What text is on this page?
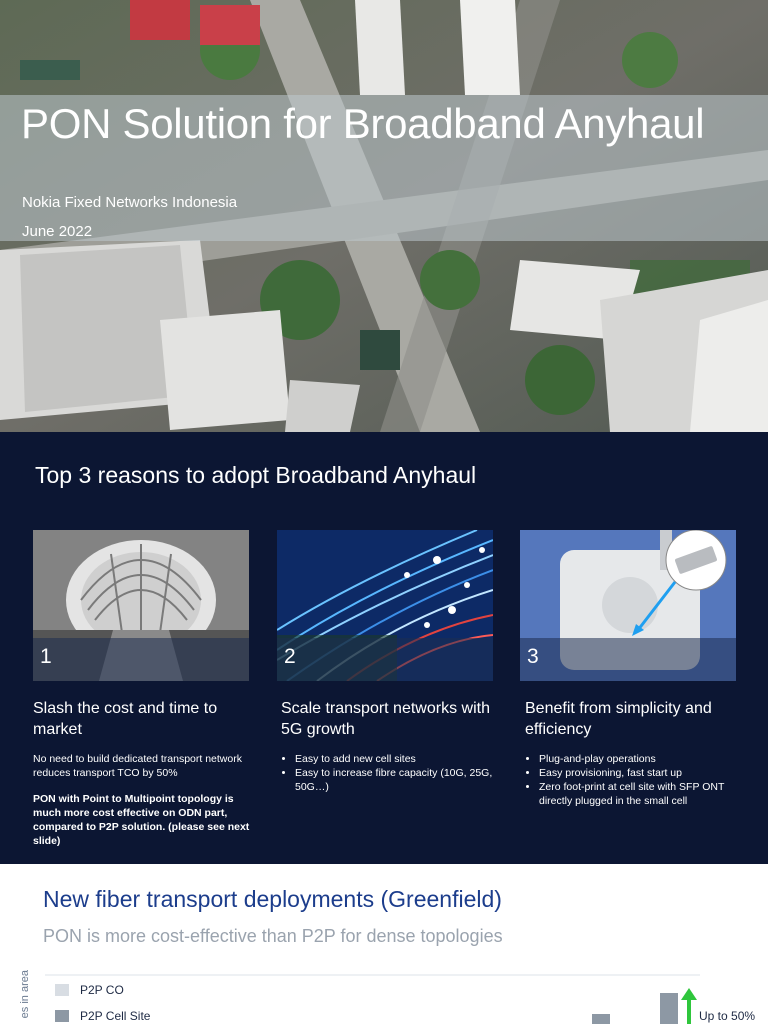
PON Solution for Broadband Anyhaul
Nokia Fixed Networks Indonesia
June 2022
Top 3 reasons to adopt Broadband Anyhaul
1
Slash the cost and time to market

No need to build dedicated transport network reduces transport TCO by 50%

PON with Point to Multipoint topology is much more cost effective on ODN part, compared to P2P solution. (please see next slide)

2
Scale transport networks with 5G growth
• Easy to add new cell sites
• Easy to increase fibre capacity (10G, 25G, 50G…)
3
Benefit from simplicity and efficiency
• Plug-and-play operations
• Easy provisioning, fast start up
• Zero foot-print at cell site with SFP ONT directly plugged in the small cell
New fiber transport deployments (Greenfield)
PON is more cost-effective than P2P for dense topologies
es in area	P2P CO
P2P Cell Site	Up to 50%
